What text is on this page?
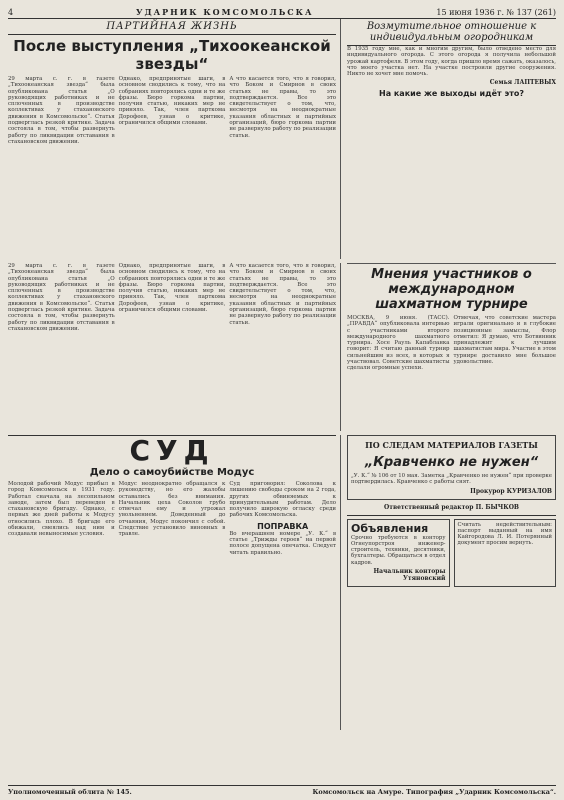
4	УДАРНИК КОМСОМОЛЬСКА	15 июня 1936 г. № 137 (261)
ПАРТИЙНАЯ ЖИЗНЬ
После выступления „Тихоокеанской звезды“

29 марта с. г. в газете „Тихоокеанская звезда“ была опубликована статья „О руководящих работниках и не сплоченных в производстве коллективах у стахановского движения в Комсомольске“. Статья подверглась резкой критике. Задача состояла в том, чтобы развернуть работу по ликвидации отставания в стахановском движении.

Однако, предпринятые шаги, в основном сводились к тому, что на собраниях повторялись одни и те же фразы. Бюро горкома партии, получив статью, никаких мер не приняло. Так, член парткома Дорофеев, узнав о критике, ограничился общими словами.

А что касается того, что я говорил, что Боком и Смирнов в своих статьях не правы, то это подтверждается. Все это свидетельствует о том, что, несмотря на неоднократные указания областных и партийных организаций, бюро горкома партии не развернуло работу по реализации статьи.

Возмутительное отношение к индивидуальным огородникам

В 1935 году мне, как и многим другим, было отведено место для индивидуального огорода. С этого огорода я получила небольшой урожай картофеля. В этом году, когда пришло время сажать, оказалось, что моего участка нет. На участке построили другие сооружения. Никто не хочет мне помочь.

Семья ЛАПТЕВЫХ
На какие же выходы идёт это?

29 марта с. г. в газете „Тихоокеанская звезда“ была опубликована статья „О руководящих работниках и не сплоченных в производстве коллективах у стахановского движения в Комсомольске“. Статья подверглась резкой критике. Задача состояла в том, чтобы развернуть работу по ликвидации отставания в стахановском движении.

Однако, предпринятые шаги, в основном сводились к тому, что на собраниях повторялись одни и те же фразы. Бюро горкома партии, получив статью, никаких мер не приняло. Так, член парткома Дорофеев, узнав о критике, ограничился общими словами.

А что касается того, что я говорил, что Боком и Смирнов в своих статьях не правы, то это подтверждается. Все это свидетельствует о том, что, несмотря на неоднократные указания областных и партийных организаций, бюро горкома партии не развернуло работу по реализации статьи.

Мнения участников о международном шахматном турнире

МОСКВА, 9 июня. (ТАСС). „ПРАВДА“ опубликовала интервью с участниками второго международного шахматного турнира. Хосе Рауль Капабланка говорит: Я считаю данный турнир сильнейшим из всех, в которых я участвовал. Советские шахматисты сделали огромные успехи.

Отмечая, что советские мастера играли оригинально и в глубокие позиционные замыслы, Флор отметил: Я думаю, что Ботвинник принадлежит к лучшим шахматистам мира. Участие в этом турнире доставило мне большое удовольствие.

СУД
Дело о самоубийстве Модус

Молодой рабочий Модус прибыл в город Комсомольск в 1931 году. Работал сначала на лесопильном заводе, затем был переведен в стахановскую бригаду. Однако, с первых же дней работы к Модусу относились плохо. В бригаде его обижали, смеялись над ним и создавали невыносимые условия.

Модус неоднократно обращался к руководству, но его жалобы оставались без внимания. Начальник цеха Соколов грубо отвечал ему и угрожал увольнением. Доведенный до отчаяния, Модус покончил с собой. Следствие установило виновных в травле.

Суд приговорил: Соколова к лишению свободы сроком на 2 года, других обвиняемых к принудительным работам. Дело получило широкую огласку среди рабочих Комсомольска.

ПОПРАВКА

Во вчерашнем номере „У. К.“ в статье „Трижды героев“ на первой полосе допущена опечатка. Следует читать правильно.

ПО СЛЕДАМ МАТЕРИАЛОВ ГАЗЕТЫ
„Кравченко не нужен“

„У. К.“ № 106 от 10 мая. Заметка „Кравченко не нужен“ при проверке подтвердилась. Кравченко с работы снят.

Прокурор КУРИЗАЛОВ
Ответственный редактор П. БЫЧКОВ
Объявления

Срочно требуются в контору Огнеупорстроя инженер-строитель, техники, десятники, бухгалтеры. Обращаться в отдел кадров.

Начальник конторы Утяновский

Считать недействительным: паспорт выданный на имя Кайгородова Л. И. Потерянный документ просим вернуть.

Уполномоченный облита № 145.	Комсомольск на Амуре. Типография „Ударник Комсомольска“.
